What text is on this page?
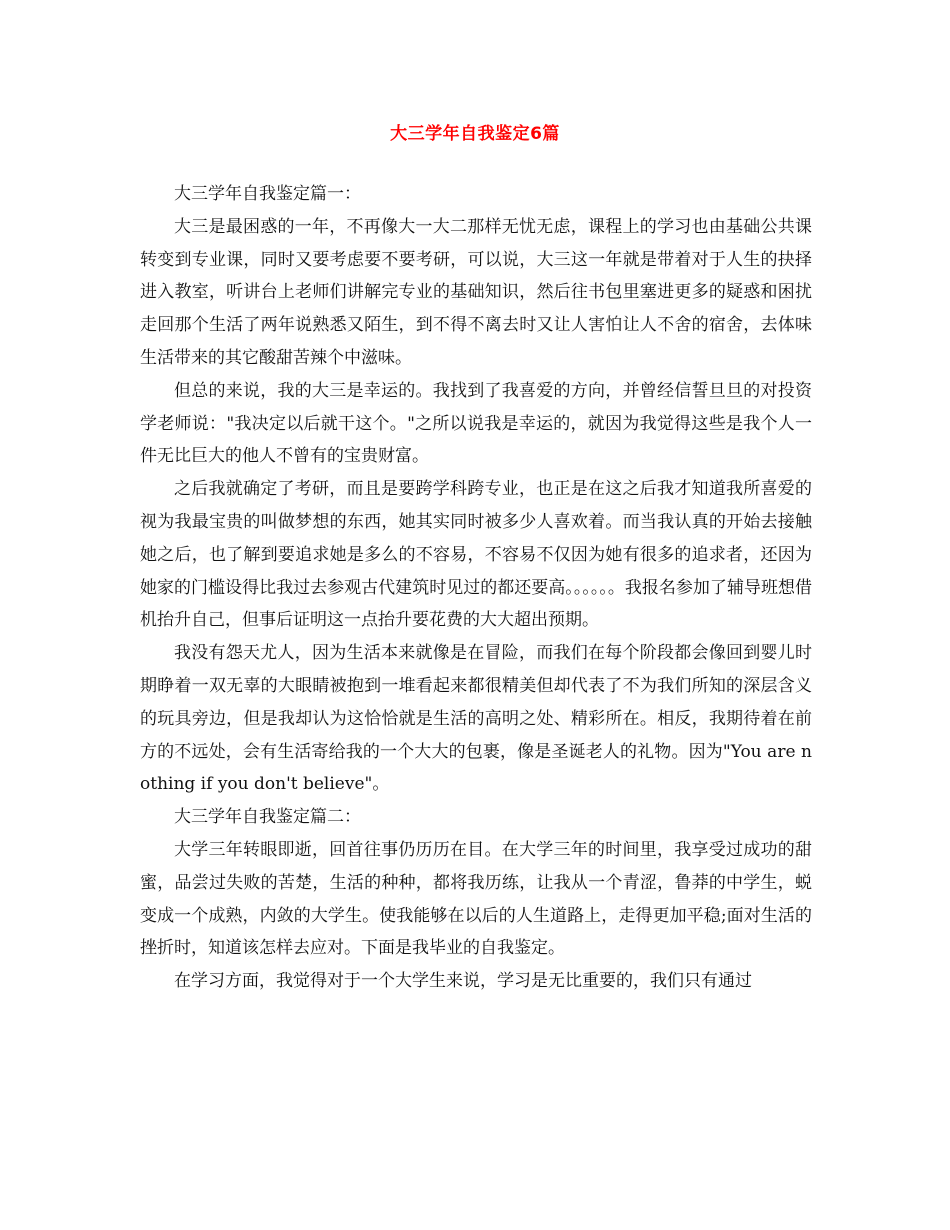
大三学年自我鉴定6篇

大三学年自我鉴定篇一：

大三是最困惑的一年，不再像大一大二那样无忧无虑，课程上的学习也由基础公共课转变到专业课，同时又要考虑要不要考研，可以说，大三这一年就是带着对于人生的抉择进入教室，听讲台上老师们讲解完专业的基础知识，然后往书包里塞进更多的疑惑和困扰走回那个生活了两年说熟悉又陌生，到不得不离去时又让人害怕让人不舍的宿舍，去体味生活带来的其它酸甜苦辣个中滋味。

但总的来说，我的大三是幸运的。我找到了我喜爱的方向，并曾经信誓旦旦的对投资学老师说："我决定以后就干这个。"之所以说我是幸运的，就因为我觉得这些是我个人一件无比巨大的他人不曾有的宝贵财富。

之后我就确定了考研，而且是要跨学科跨专业，也正是在这之后我才知道我所喜爱的视为我最宝贵的叫做梦想的东西，她其实同时被多少人喜欢着。而当我认真的开始去接触她之后，也了解到要追求她是多么的不容易，不容易不仅因为她有很多的追求者，还因为她家的门槛设得比我过去参观古代建筑时见过的都还要高。。。。。。我报名参加了辅导班想借机抬升自己，但事后证明这一点抬升要花费的大大超出预期。

我没有怨天尤人，因为生活本来就像是在冒险，而我们在每个阶段都会像回到婴儿时期睁着一双无辜的大眼睛被抱到一堆看起来都很精美但却代表了不为我们所知的深层含义的玩具旁边，但是我却认为这恰恰就是生活的高明之处、精彩所在。相反，我期待着在前方的不远处，会有生活寄给我的一个大大的包裹，像是圣诞老人的礼物。因为"You are nothing if you don't believe"。

大三学年自我鉴定篇二：

大学三年转眼即逝，回首往事仍历历在目。在大学三年的时间里，我享受过成功的甜蜜，品尝过失败的苦楚，生活的种种，都将我历练，让我从一个青涩，鲁莽的中学生，蜕变成一个成熟，内敛的大学生。使我能够在以后的人生道路上，走得更加平稳;面对生活的挫折时，知道该怎样去应对。下面是我毕业的自我鉴定。

在学习方面，我觉得对于一个大学生来说，学习是无比重要的，我们只有通过
